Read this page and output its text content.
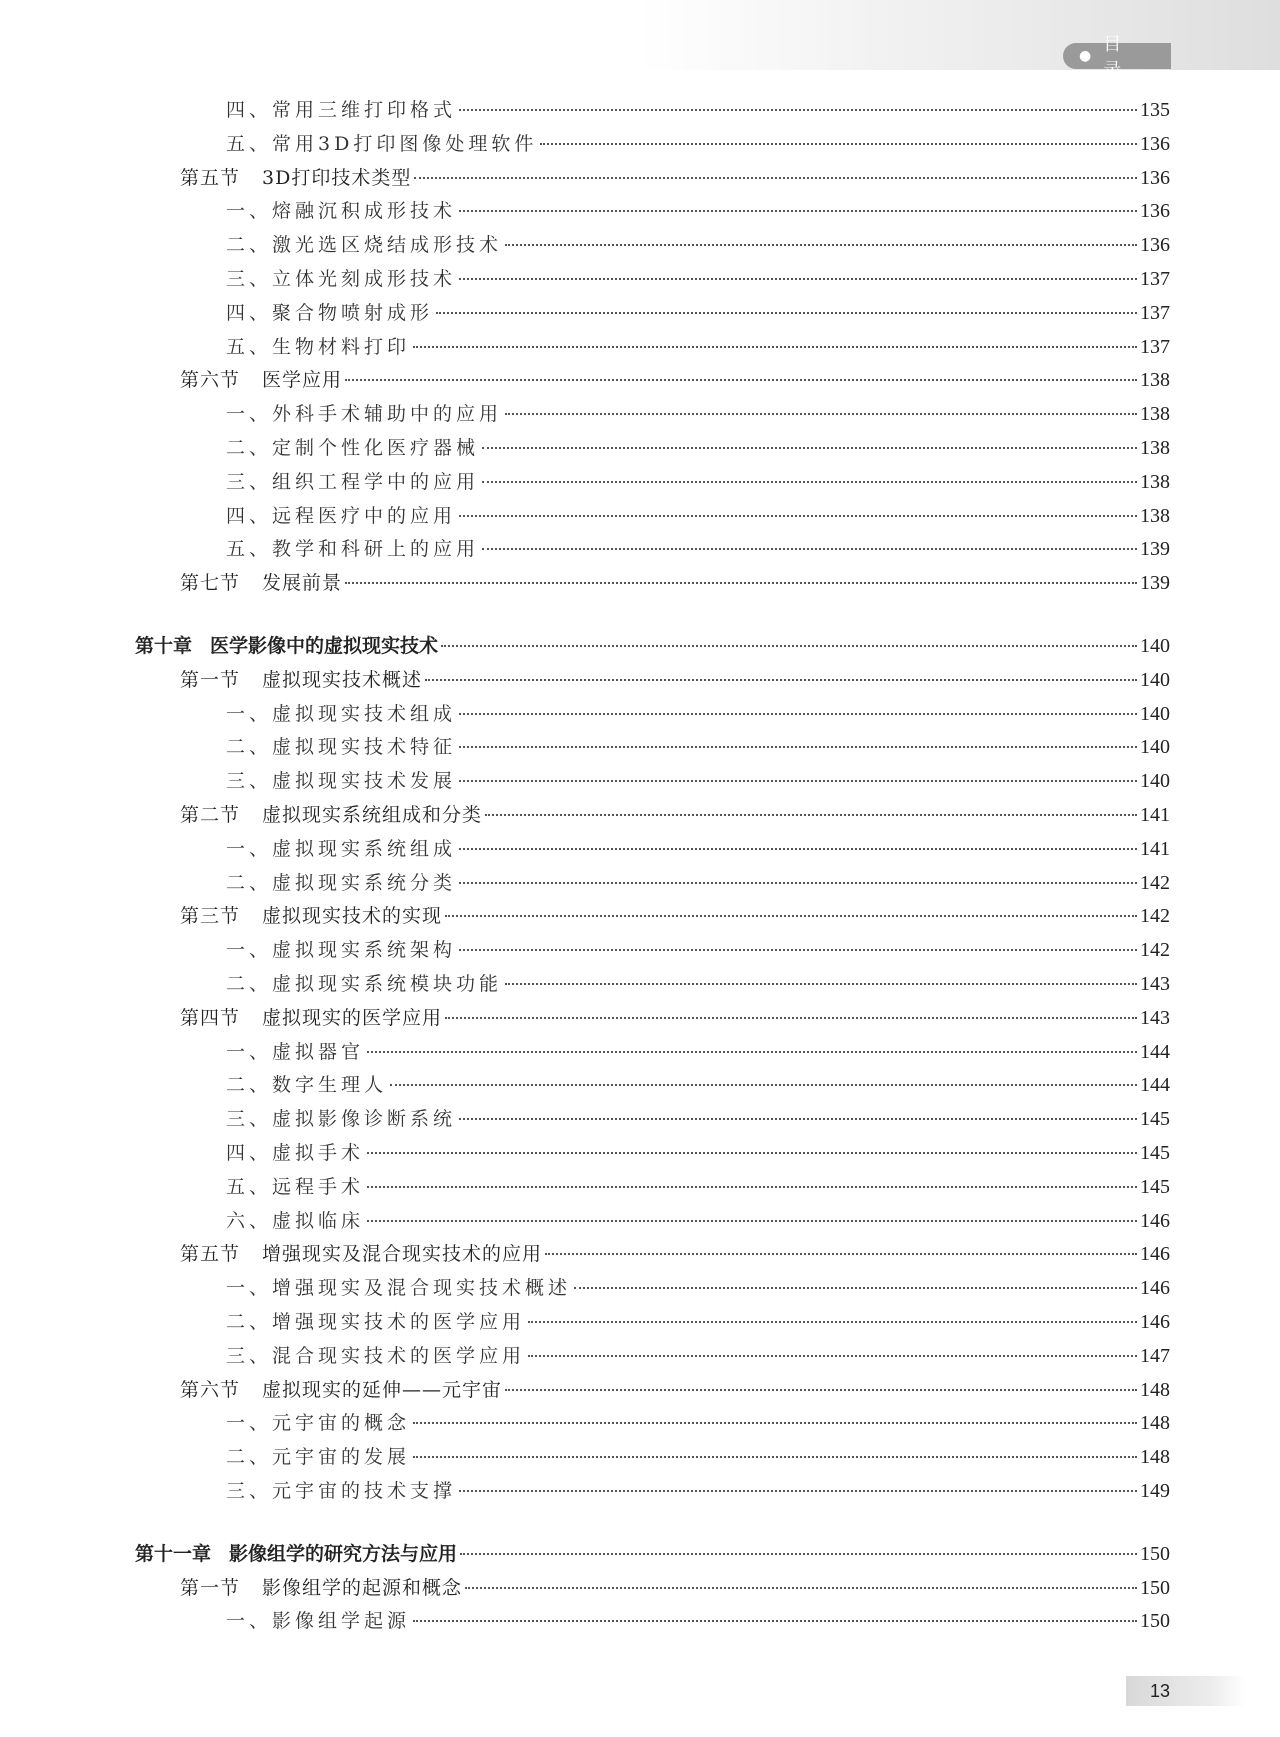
●
目 录
四、常用三维打印格式	135
五、常用3D打印图像处理软件	136
第五节 3D打印技术类型	136
一、熔融沉积成形技术	136
二、激光选区烧结成形技术	136
三、立体光刻成形技术	137
四、聚合物喷射成形	137
五、生物材料打印	137
第六节 医学应用	138
一、外科手术辅助中的应用	138
二、定制个性化医疗器械	138
三、组织工程学中的应用	138
四、远程医疗中的应用	138
五、教学和科研上的应用	139
第七节 发展前景	139
第十章 医学影像中的虚拟现实技术	140
第一节 虚拟现实技术概述	140
一、虚拟现实技术组成	140
二、虚拟现实技术特征	140
三、虚拟现实技术发展	140
第二节 虚拟现实系统组成和分类	141
一、虚拟现实系统组成	141
二、虚拟现实系统分类	142
第三节 虚拟现实技术的实现	142
一、虚拟现实系统架构	142
二、虚拟现实系统模块功能	143
第四节 虚拟现实的医学应用	143
一、虚拟器官	144
二、数字生理人	144
三、虚拟影像诊断系统	145
四、虚拟手术	145
五、远程手术	145
六、虚拟临床	146
第五节 增强现实及混合现实技术的应用	146
一、增强现实及混合现实技术概述	146
二、增强现实技术的医学应用	146
三、混合现实技术的医学应用	147
第六节 虚拟现实的延伸——元宇宙	148
一、元宇宙的概念	148
二、元宇宙的发展	148
三、元宇宙的技术支撑	149
第十一章 影像组学的研究方法与应用	150
第一节 影像组学的起源和概念	150
一、影像组学起源	150
13
